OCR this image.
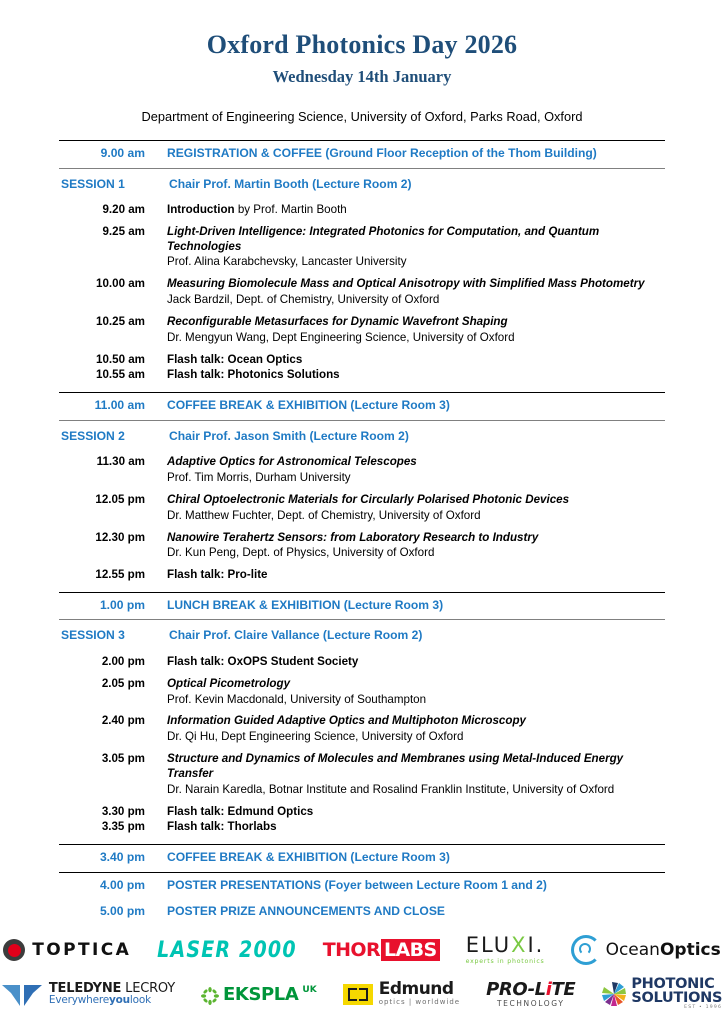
Oxford Photonics Day 2026
Wednesday 14th January
Department of Engineering Science, University of Oxford, Parks Road, Oxford
9.00 am	REGISTRATION & COFFEE (Ground Floor Reception of the Thom Building)
SESSION 1	Chair Prof. Martin Booth (Lecture Room 2)
9.20 am Introduction by Prof. Martin Booth
9.25 am Light-Driven Intelligence: Integrated Photonics for Computation, and Quantum Technologies
Prof. Alina Karabchevsky, Lancaster University
10.00 am Measuring Biomolecule Mass and Optical Anisotropy with Simplified Mass Photometry
Jack Bardzil, Dept. of Chemistry, University of Oxford
10.25 am Reconfigurable Metasurfaces for Dynamic Wavefront Shaping
Dr. Mengyun Wang, Dept Engineering Science, University of Oxford
10.50 am	Flash talk: Ocean Optics
10.55 am	Flash talk: Photonics Solutions
11.00 am	COFFEE BREAK & EXHIBITION (Lecture Room 3)
SESSION 2	Chair Prof. Jason Smith (Lecture Room 2)
11.30 am Adaptive Optics for Astronomical Telescopes
Prof. Tim Morris, Durham University
12.05 pm Chiral Optoelectronic Materials for Circularly Polarised Photonic Devices
Dr. Matthew Fuchter, Dept. of Chemistry, University of Oxford
12.30 pm Nanowire Terahertz Sensors: from Laboratory Research to Industry
Dr. Kun Peng, Dept. of Physics, University of Oxford
12.55 pm	Flash talk: Pro-lite
1.00 pm	LUNCH BREAK & EXHIBITION (Lecture Room 3)
SESSION 3	Chair Prof. Claire Vallance (Lecture Room 2)
2.00 pm	Flash talk: OxOPS Student Society
2.05 pm Optical Picometrology
Prof. Kevin Macdonald, University of Southampton
2.40 pm Information Guided Adaptive Optics and Multiphoton Microscopy
Dr. Qi Hu, Dept Engineering Science, University of Oxford
3.05 pm Structure and Dynamics of Molecules and Membranes using Metal-Induced Energy Transfer
Dr. Narain Karedla, Botnar Institute and Rosalind Franklin Institute, University of Oxford
3.30 pm	Flash talk: Edmund Optics
3.35 pm	Flash talk: Thorlabs
3.40 pm	COFFEE BREAK & EXHIBITION (Lecture Room 3)
4.00 pm	POSTER PRESENTATIONS (Foyer between Lecture Room 1 and 2)
5.00 pm	POSTER PRIZE ANNOUNCEMENTS AND CLOSE
TOPTICA LASER 2000 THOR LABS ELUXI.
experts in photonics
OceanOptics
TELEDYNE LECROY
Everywhereyoulook	EKSPLA UK	Edmund
optics | worldwide
PRO-LiTE
TECHNOLOGY
PHOTONIC
SOLUTIONS
EST • 1996
